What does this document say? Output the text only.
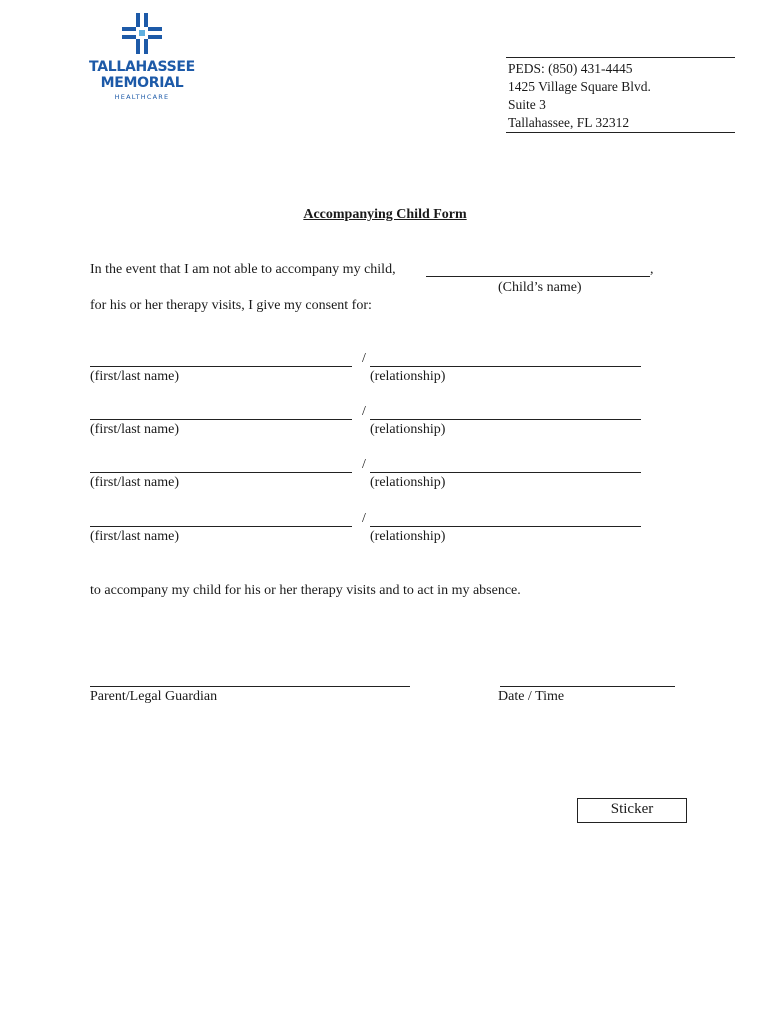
TALLAHASSEE
MEMORIAL
HEALTHCARE
PEDS: (850) 431-4445
1425 Village Square Blvd.
Suite 3
Tallahassee, FL 32312
Accompanying Child Form
In the event that I am not able to accompany my child,	,
(Child’s name)
for his or her therapy visits, I give my consent for:
/
(first/last name)	(relationship)
/
(first/last name)	(relationship)
/
(first/last name)	(relationship)
/
(first/last name)	(relationship)
to accompany my child for his or her therapy visits and to act in my absence.
Parent/Legal Guardian	Date / Time
Sticker
